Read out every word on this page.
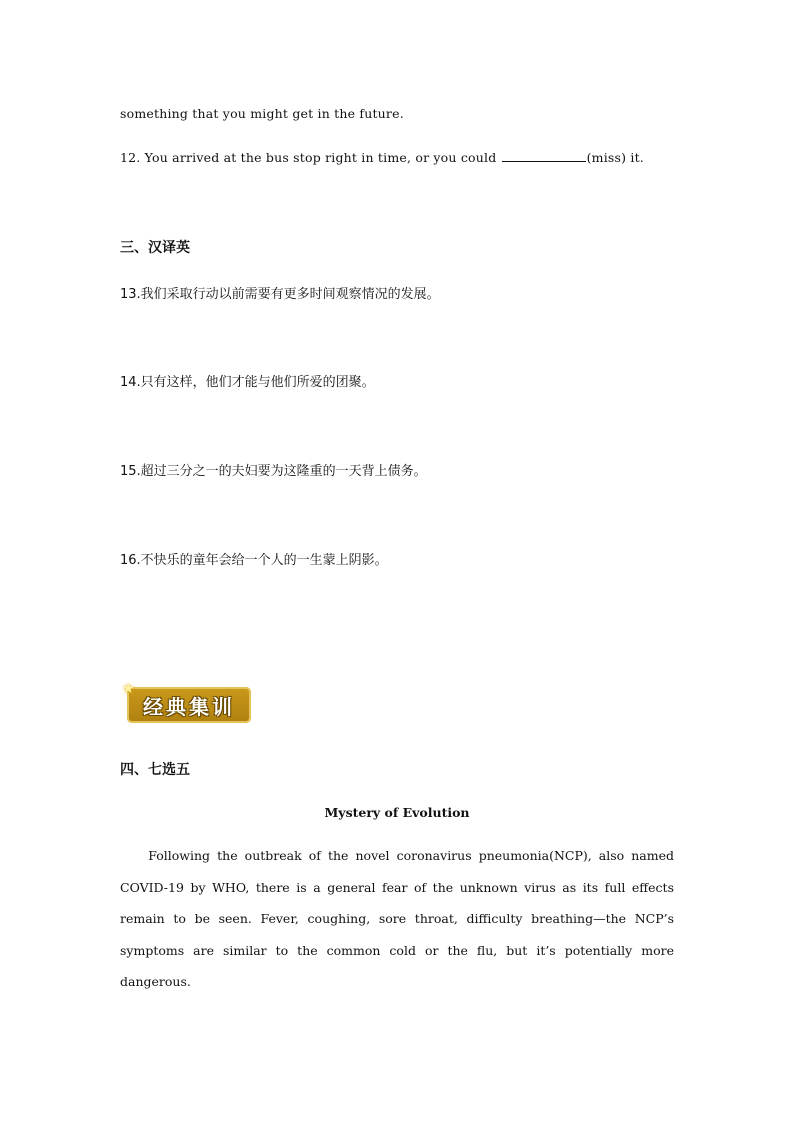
something that you might get in the future.
12. You arrived at the bus stop right in time, or you could	(miss) it.
三、汉译英
13.我们采取行动以前需要有更多时间观察情况的发展。
14.只有这样，他们才能与他们所爱的团聚。
15.超过三分之一的夫妇要为这隆重的一天背上债务。
16.不快乐的童年会给一个人的一生蒙上阴影。
经典集训
★
四、七选五
Mystery of Evolution
Following the outbreak of the novel coronavirus pneumonia(NCP), also named
COVID-19 by WHO, there is a general fear of the unknown virus as its full effects
remain to be seen. Fever, coughing, sore throat, difficulty breathing—the NCP’s
symptoms are similar to the common cold or the flu, but it’s potentially more
dangerous.
